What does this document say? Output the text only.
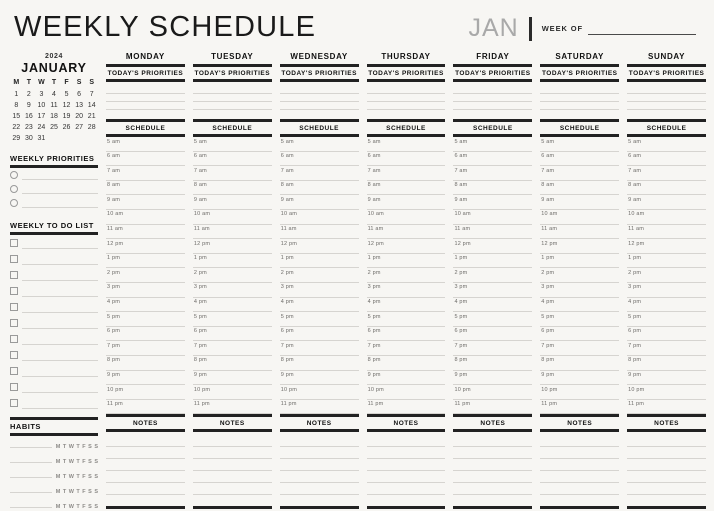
WEEKLY SCHEDULE	JAN	WEEK OF
2024
JANUARY
M	T	W	T	F	S	S
1	2	3	4	5	6	7
8	9 10 11 12 13 14
15 16 17 18 19 20 21
22 23 24 25 26 27 28
29 30 31
WEEKLY PRIORITIES
WEEKLY TO DO LIST
HABITS
M T W T F S S
M T W T F S S
M T W T F S S
M T W T F S S
M T W T F S S
MONDAY
TODAY'S PRIORITIES
SCHEDULE
5 am
6 am
7 am
8 am
9 am
10 am
11 am
12 pm
1 pm
2 pm
3 pm
4 pm
5 pm
6 pm
7 pm
8 pm
9 pm
10 pm
11 pm
NOTES
TUESDAY
TODAY'S PRIORITIES
SCHEDULE
5 am
6 am
7 am
8 am
9 am
10 am
11 am
12 pm
1 pm
2 pm
3 pm
4 pm
5 pm
6 pm
7 pm
8 pm
9 pm
10 pm
11 pm
NOTES
WEDNESDAY
TODAY'S PRIORITIES
SCHEDULE
5 am
6 am
7 am
8 am
9 am
10 am
11 am
12 pm
1 pm
2 pm
3 pm
4 pm
5 pm
6 pm
7 pm
8 pm
9 pm
10 pm
11 pm
NOTES
THURSDAY
TODAY'S PRIORITIES
SCHEDULE
5 am
6 am
7 am
8 am
9 am
10 am
11 am
12 pm
1 pm
2 pm
3 pm
4 pm
5 pm
6 pm
7 pm
8 pm
9 pm
10 pm
11 pm
NOTES
FRIDAY
TODAY'S PRIORITIES
SCHEDULE
5 am
6 am
7 am
8 am
9 am
10 am
11 am
12 pm
1 pm
2 pm
3 pm
4 pm
5 pm
6 pm
7 pm
8 pm
9 pm
10 pm
11 pm
NOTES
SATURDAY
TODAY'S PRIORITIES
SCHEDULE
5 am
6 am
7 am
8 am
9 am
10 am
11 am
12 pm
1 pm
2 pm
3 pm
4 pm
5 pm
6 pm
7 pm
8 pm
9 pm
10 pm
11 pm
NOTES
SUNDAY
TODAY'S PRIORITIES
SCHEDULE
5 am
6 am
7 am
8 am
9 am
10 am
11 am
12 pm
1 pm
2 pm
3 pm
4 pm
5 pm
6 pm
7 pm
8 pm
9 pm
10 pm
11 pm
NOTES
